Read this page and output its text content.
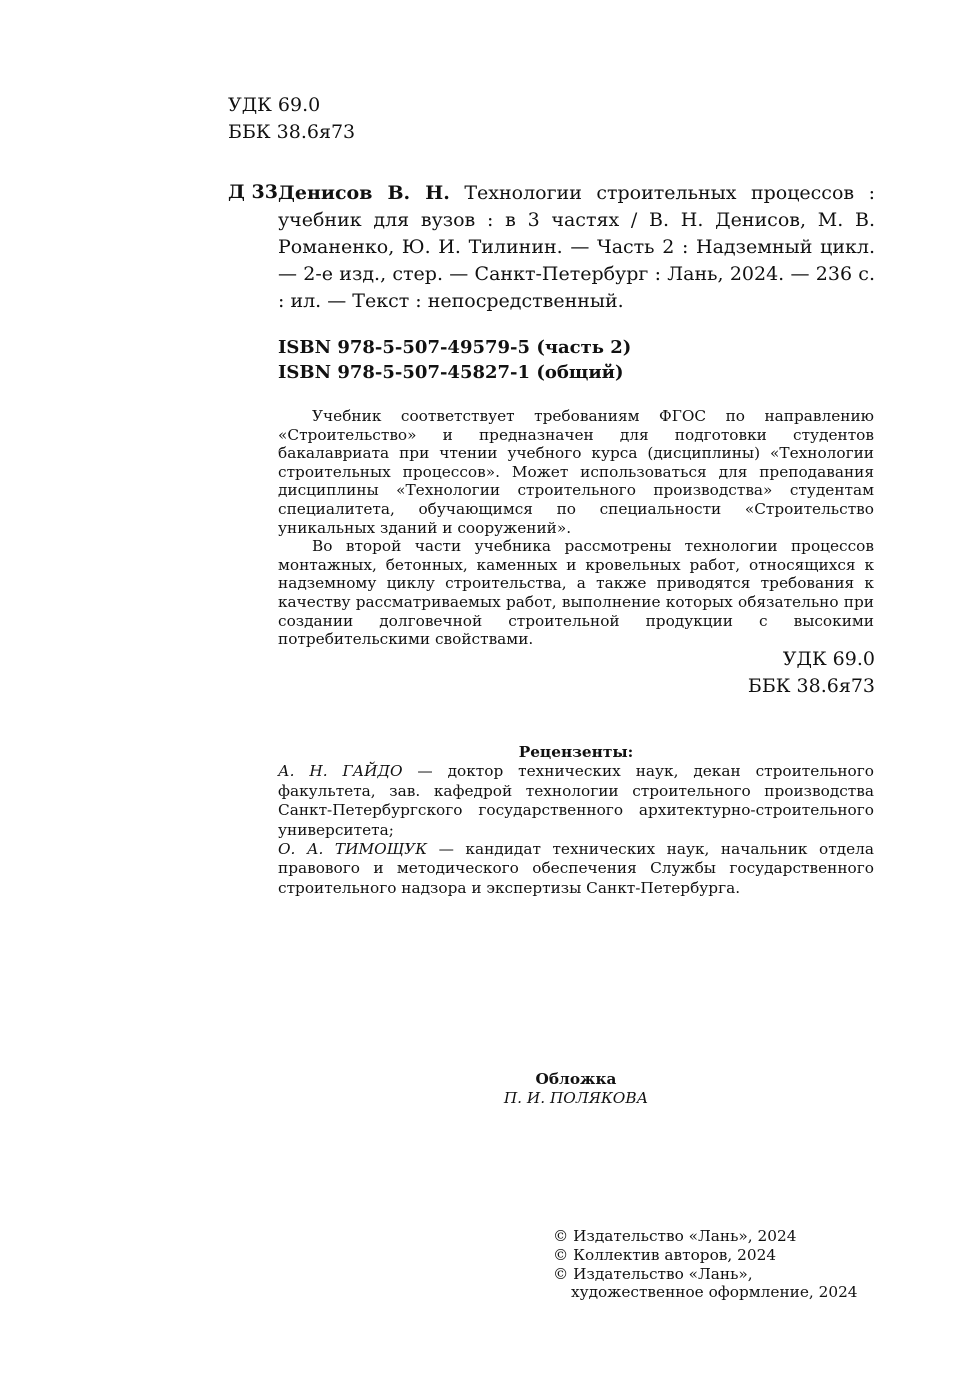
УДК 69.0
ББК 38.6я73
Д 33 Денисов В. Н. Технологии строительных процессов : учебник для вузов : в 3 частях / В. Н. Денисов, М. В. Романенко, Ю. И. Тилинин. — Часть 2 : Надземный цикл. — 2-е изд., стер. — Санкт-Петербург : Лань, 2024. — 236 с. : ил. — Текст : непосредственный.
ISBN 978-5-507-49579-5 (часть 2)
ISBN 978-5-507-45827-1 (общий)

Учебник соответствует требованиям ФГОС по направлению «Строительство» и предназначен для подготовки студентов бакалавриата при чтении учебного курса (дисциплины) «Технологии строительных процессов». Может использоваться для преподавания дисциплины «Технологии строительного производства» студентам специалитета, обучающимся по специальности «Строительство уникальных зданий и сооружений».

Во второй части учебника рассмотрены технологии процессов монтажных, бетонных, каменных и кровельных работ, относящихся к надземному циклу строительства, а также приводятся требования к качеству рассматриваемых работ, выполнение которых обязательно при создании долговечной строительной продукции с высокими потребительскими свойствами.

УДК 69.0
ББК 38.6я73
Рецензенты:

А. Н. ГАЙДО — доктор технических наук, декан строительного факультета, зав. кафедрой технологии строительного производства Санкт-Петербургского государственного архитектурно-строительного университета;

О. А. ТИМОЩУК — кандидат технических наук, начальник отдела правового и методического обеспечения Службы государственного строительного надзора и экспертизы Санкт-Петербурга.

Обложка
П. И. ПОЛЯКОВА
© Издательство «Лань», 2024
© Коллектив авторов, 2024
© Издательство «Лань»,
художественное оформление, 2024
